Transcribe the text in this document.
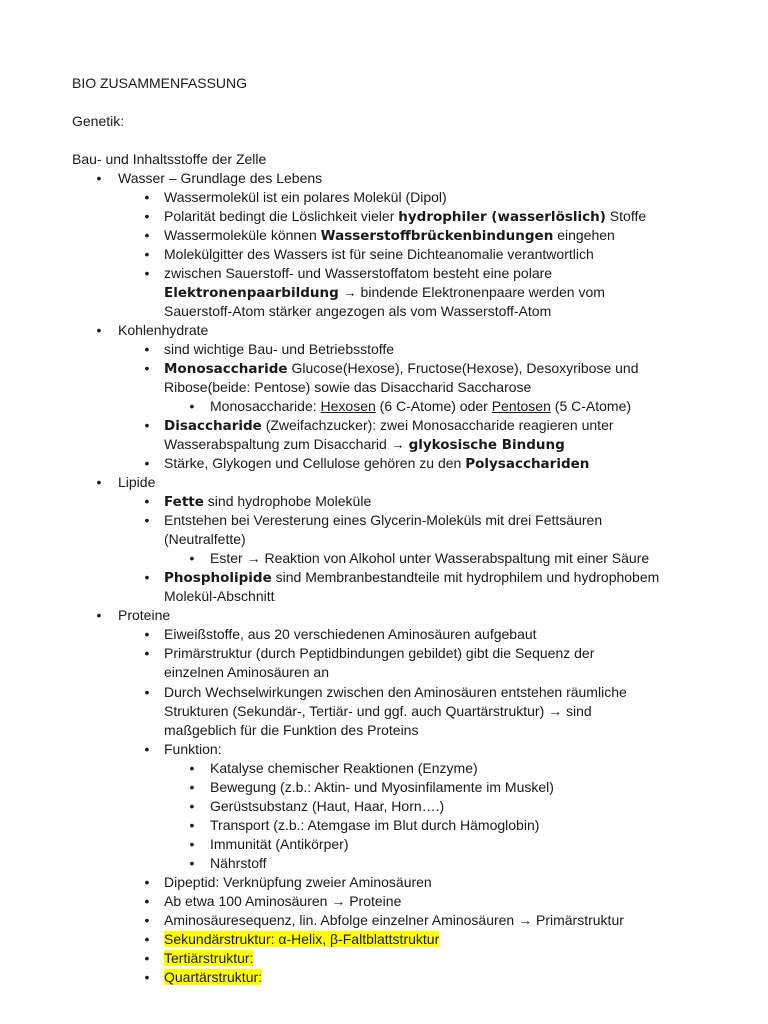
BIO ZUSAMMENFASSUNG
Genetik:
Bau- und Inhaltsstoffe der Zelle
• Wasser – Grundlage des Lebens
• Wassermolekül ist ein polares Molekül (Dipol)
• Polarität bedingt die Löslichkeit vieler hydrophiler (wasserlöslich) Stoffe
• Wassermoleküle können Wasserstoffbrückenbindungen eingehen
• Molekülgitter des Wassers ist für seine Dichteanomalie verantwortlich
• zwischen Sauerstoff- und Wasserstoffatom besteht eine polare
Elektronenpaarbildung → bindende Elektronenpaare werden vom
Sauerstoff-Atom stärker angezogen als vom Wasserstoff-Atom
• Kohlenhydrate
• sind wichtige Bau- und Betriebsstoffe
• Monosaccharide Glucose(Hexose), Fructose(Hexose), Desoxyribose und
Ribose(beide: Pentose) sowie das Disaccharid Saccharose
• Monosaccharide: Hexosen (6 C-Atome) oder Pentosen (5 C-Atome)
• Disaccharide (Zweifachzucker): zwei Monosaccharide reagieren unter
Wasserabspaltung zum Disaccharid → glykosische Bindung
• Stärke, Glykogen und Cellulose gehören zu den Polysacchariden
• Lipide
• Fette sind hydrophobe Moleküle
• Entstehen bei Veresterung eines Glycerin-Moleküls mit drei Fettsäuren
(Neutralfette)
• Ester → Reaktion von Alkohol unter Wasserabspaltung mit einer Säure
• Phospholipide sind Membranbestandteile mit hydrophilem und hydrophobem
Molekül-Abschnitt
• Proteine
• Eiweißstoffe, aus 20 verschiedenen Aminosäuren aufgebaut
• Primärstruktur (durch Peptidbindungen gebildet) gibt die Sequenz der
einzelnen Aminosäuren an
• Durch Wechselwirkungen zwischen den Aminosäuren entstehen räumliche
Strukturen (Sekundär-, Tertiär- und ggf. auch Quartärstruktur) → sind
maßgeblich für die Funktion des Proteins
• Funktion:
• Katalyse chemischer Reaktionen (Enzyme)
• Bewegung (z.b.: Aktin- und Myosinfilamente im Muskel)
• Gerüstsubstanz (Haut, Haar, Horn….)
• Transport (z.b.: Atemgase im Blut durch Hämoglobin)
• Immunität (Antikörper)
• Nährstoff
• Dipeptid: Verknüpfung zweier Aminosäuren
• Ab etwa 100 Aminosäuren → Proteine
• Aminosäuresequenz, lin. Abfolge einzelner Aminosäuren → Primärstruktur
• Sekundärstruktur: α-Helix, β-Faltblattstruktur
• Tertiärstruktur:
• Quartärstruktur:
